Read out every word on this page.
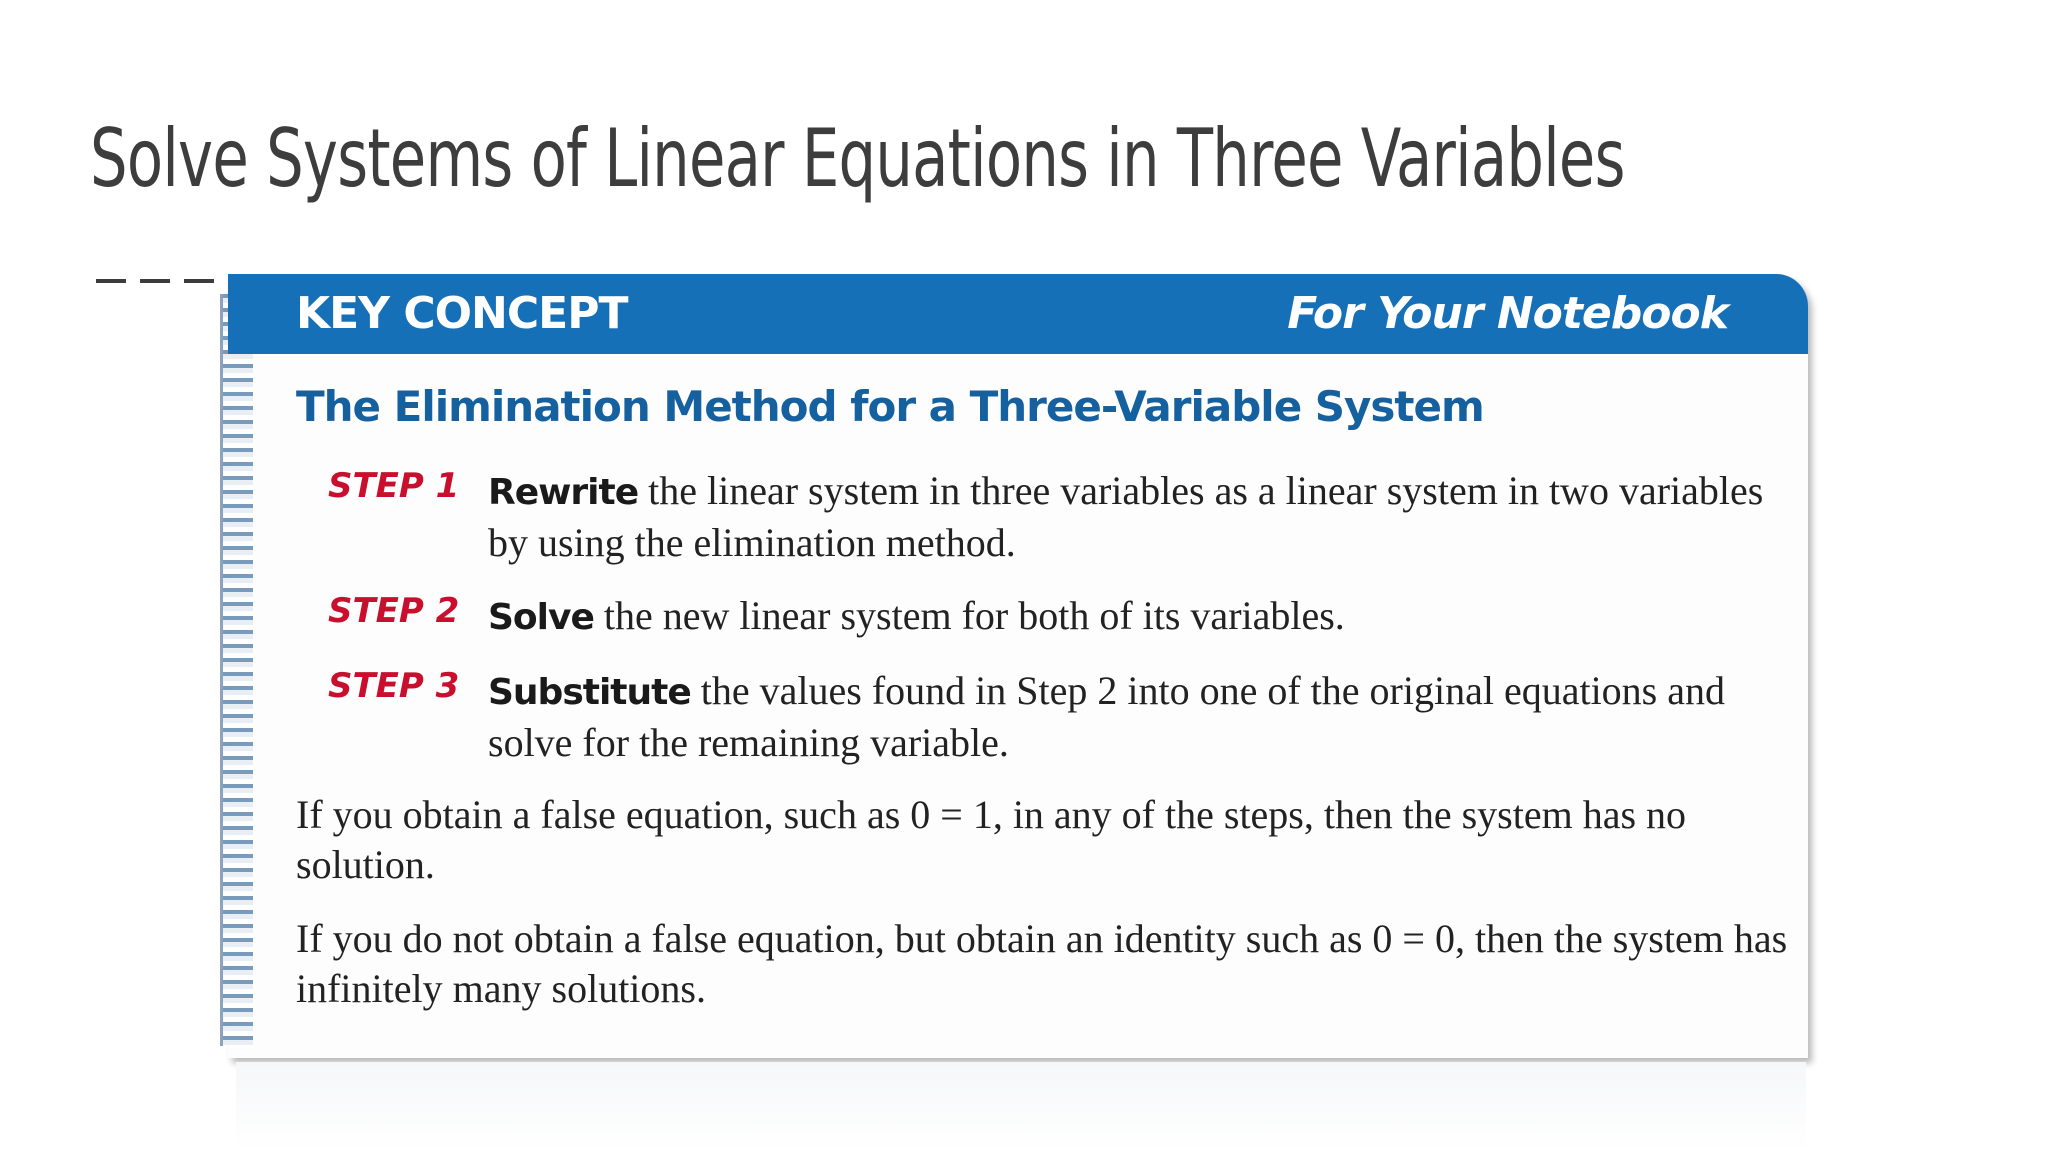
Solve Systems of Linear Equations in Three Variables
KEY CONCEPT	For Your Notebook
The Elimination Method for a Three-Variable System
STEP 1 Rewrite the linear system in three variables as a linear system in two variables by using the elimination method.
STEP 2 Solve the new linear system for both of its variables.
STEP 3 Substitute the values found in Step 2 into one of the original equations and solve for the remaining variable.

If you obtain a false equation, such as 0 = 1, in any of the steps, then the system has no solution.

If you do not obtain a false equation, but obtain an identity such as 0 = 0, then the system has infinitely many solutions.
